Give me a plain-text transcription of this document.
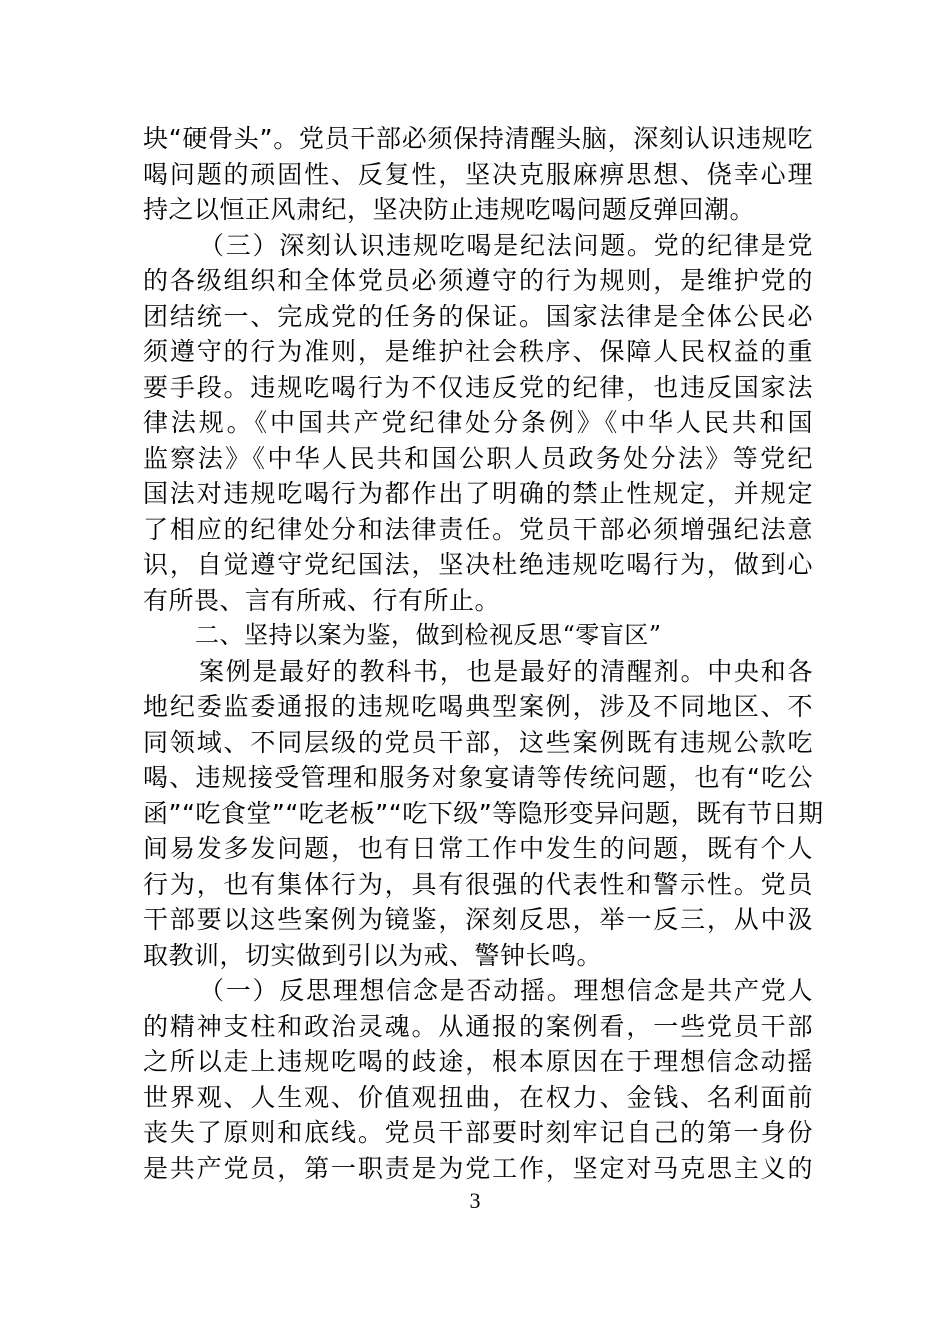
块“硬骨头”。党员干部必须保持清醒头脑，深刻认识违规吃
喝问题的顽固性、反复性，坚决克服麻痹思想、侥幸心理
持之以恒正风肃纪，坚决防止违规吃喝问题反弹回潮。
（三）深刻认识违规吃喝是纪法问题。党的纪律是党
的各级组织和全体党员必须遵守的行为规则，是维护党的
团结统一、完成党的任务的保证。国家法律是全体公民必
须遵守的行为准则，是维护社会秩序、保障人民权益的重
要手段。违规吃喝行为不仅违反党的纪律，也违反国家法
律法规。《中国共产党纪律处分条例》《中华人民共和国
监察法》《中华人民共和国公职人员政务处分法》等党纪
国法对违规吃喝行为都作出了明确的禁止性规定，并规定
了相应的纪律处分和法律责任。党员干部必须增强纪法意
识，自觉遵守党纪国法，坚决杜绝违规吃喝行为，做到心
有所畏、言有所戒、行有所止。
二、坚持以案为鉴，做到检视反思“零盲区”
案例是最好的教科书，也是最好的清醒剂。中央和各
地纪委监委通报的违规吃喝典型案例，涉及不同地区、不
同领域、不同层级的党员干部，这些案例既有违规公款吃
喝、违规接受管理和服务对象宴请等传统问题，也有“吃公
函”“吃食堂”“吃老板”“吃下级”等隐形变异问题，既有节日期
间易发多发问题，也有日常工作中发生的问题，既有个人
行为，也有集体行为，具有很强的代表性和警示性。党员
干部要以这些案例为镜鉴，深刻反思，举一反三，从中汲
取教训，切实做到引以为戒、警钟长鸣。
（一）反思理想信念是否动摇。理想信念是共产党人
的精神支柱和政治灵魂。从通报的案例看，一些党员干部
之所以走上违规吃喝的歧途，根本原因在于理想信念动摇
世界观、人生观、价值观扭曲，在权力、金钱、名利面前
丧失了原则和底线。党员干部要时刻牢记自己的第一身份
是共产党员，第一职责是为党工作，坚定对马克思主义的
3
